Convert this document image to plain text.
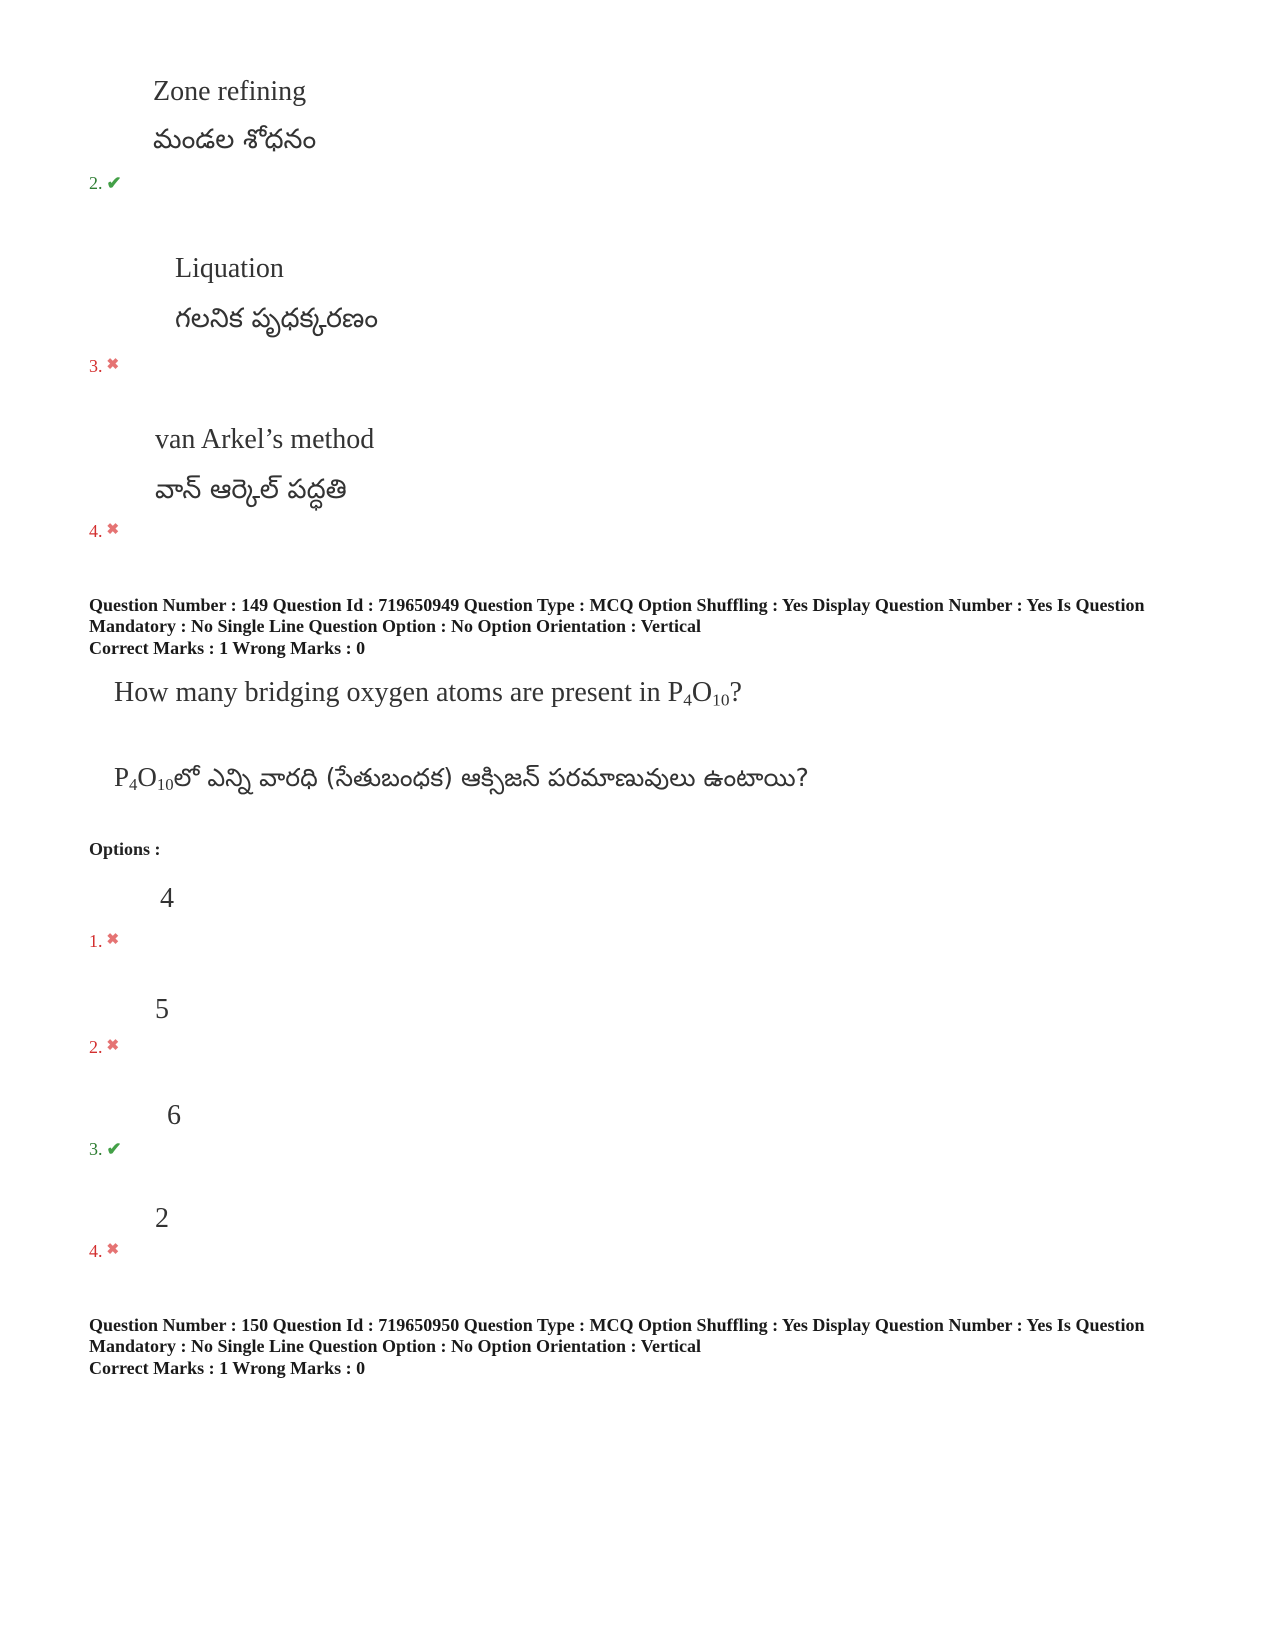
Zone refining
మండల శోధనం
2. ✔
Liquation
గలనిక పృధక్కరణం
3. ✖
van Arkel’s method
వాన్ ఆర్కెల్ పద్ధతి
4. ✖
Question Number : 149 Question Id : 719650949 Question Type : MCQ Option Shuffling : Yes Display Question Number : Yes Is Question Mandatory : No Single Line Question Option : No Option Orientation : Vertical
Correct Marks : 1 Wrong Marks : 0
How many bridging oxygen atoms are present in $P_4O_{10}$?
$P_4O_{10}లో$ ఎన్ని వారధి (సేతుబంధక) ఆక్సిజన్ పరమాణువులు ఉంటాయి?
Options :
4
1. ✖
5
2. ✖
6
3. ✔
2
4. ✖
Question Number : 150 Question Id : 719650950 Question Type : MCQ Option Shuffling : Yes Display Question Number : Yes Is Question Mandatory : No Single Line Question Option : No Option Orientation : Vertical
Correct Marks : 1 Wrong Marks : 0
